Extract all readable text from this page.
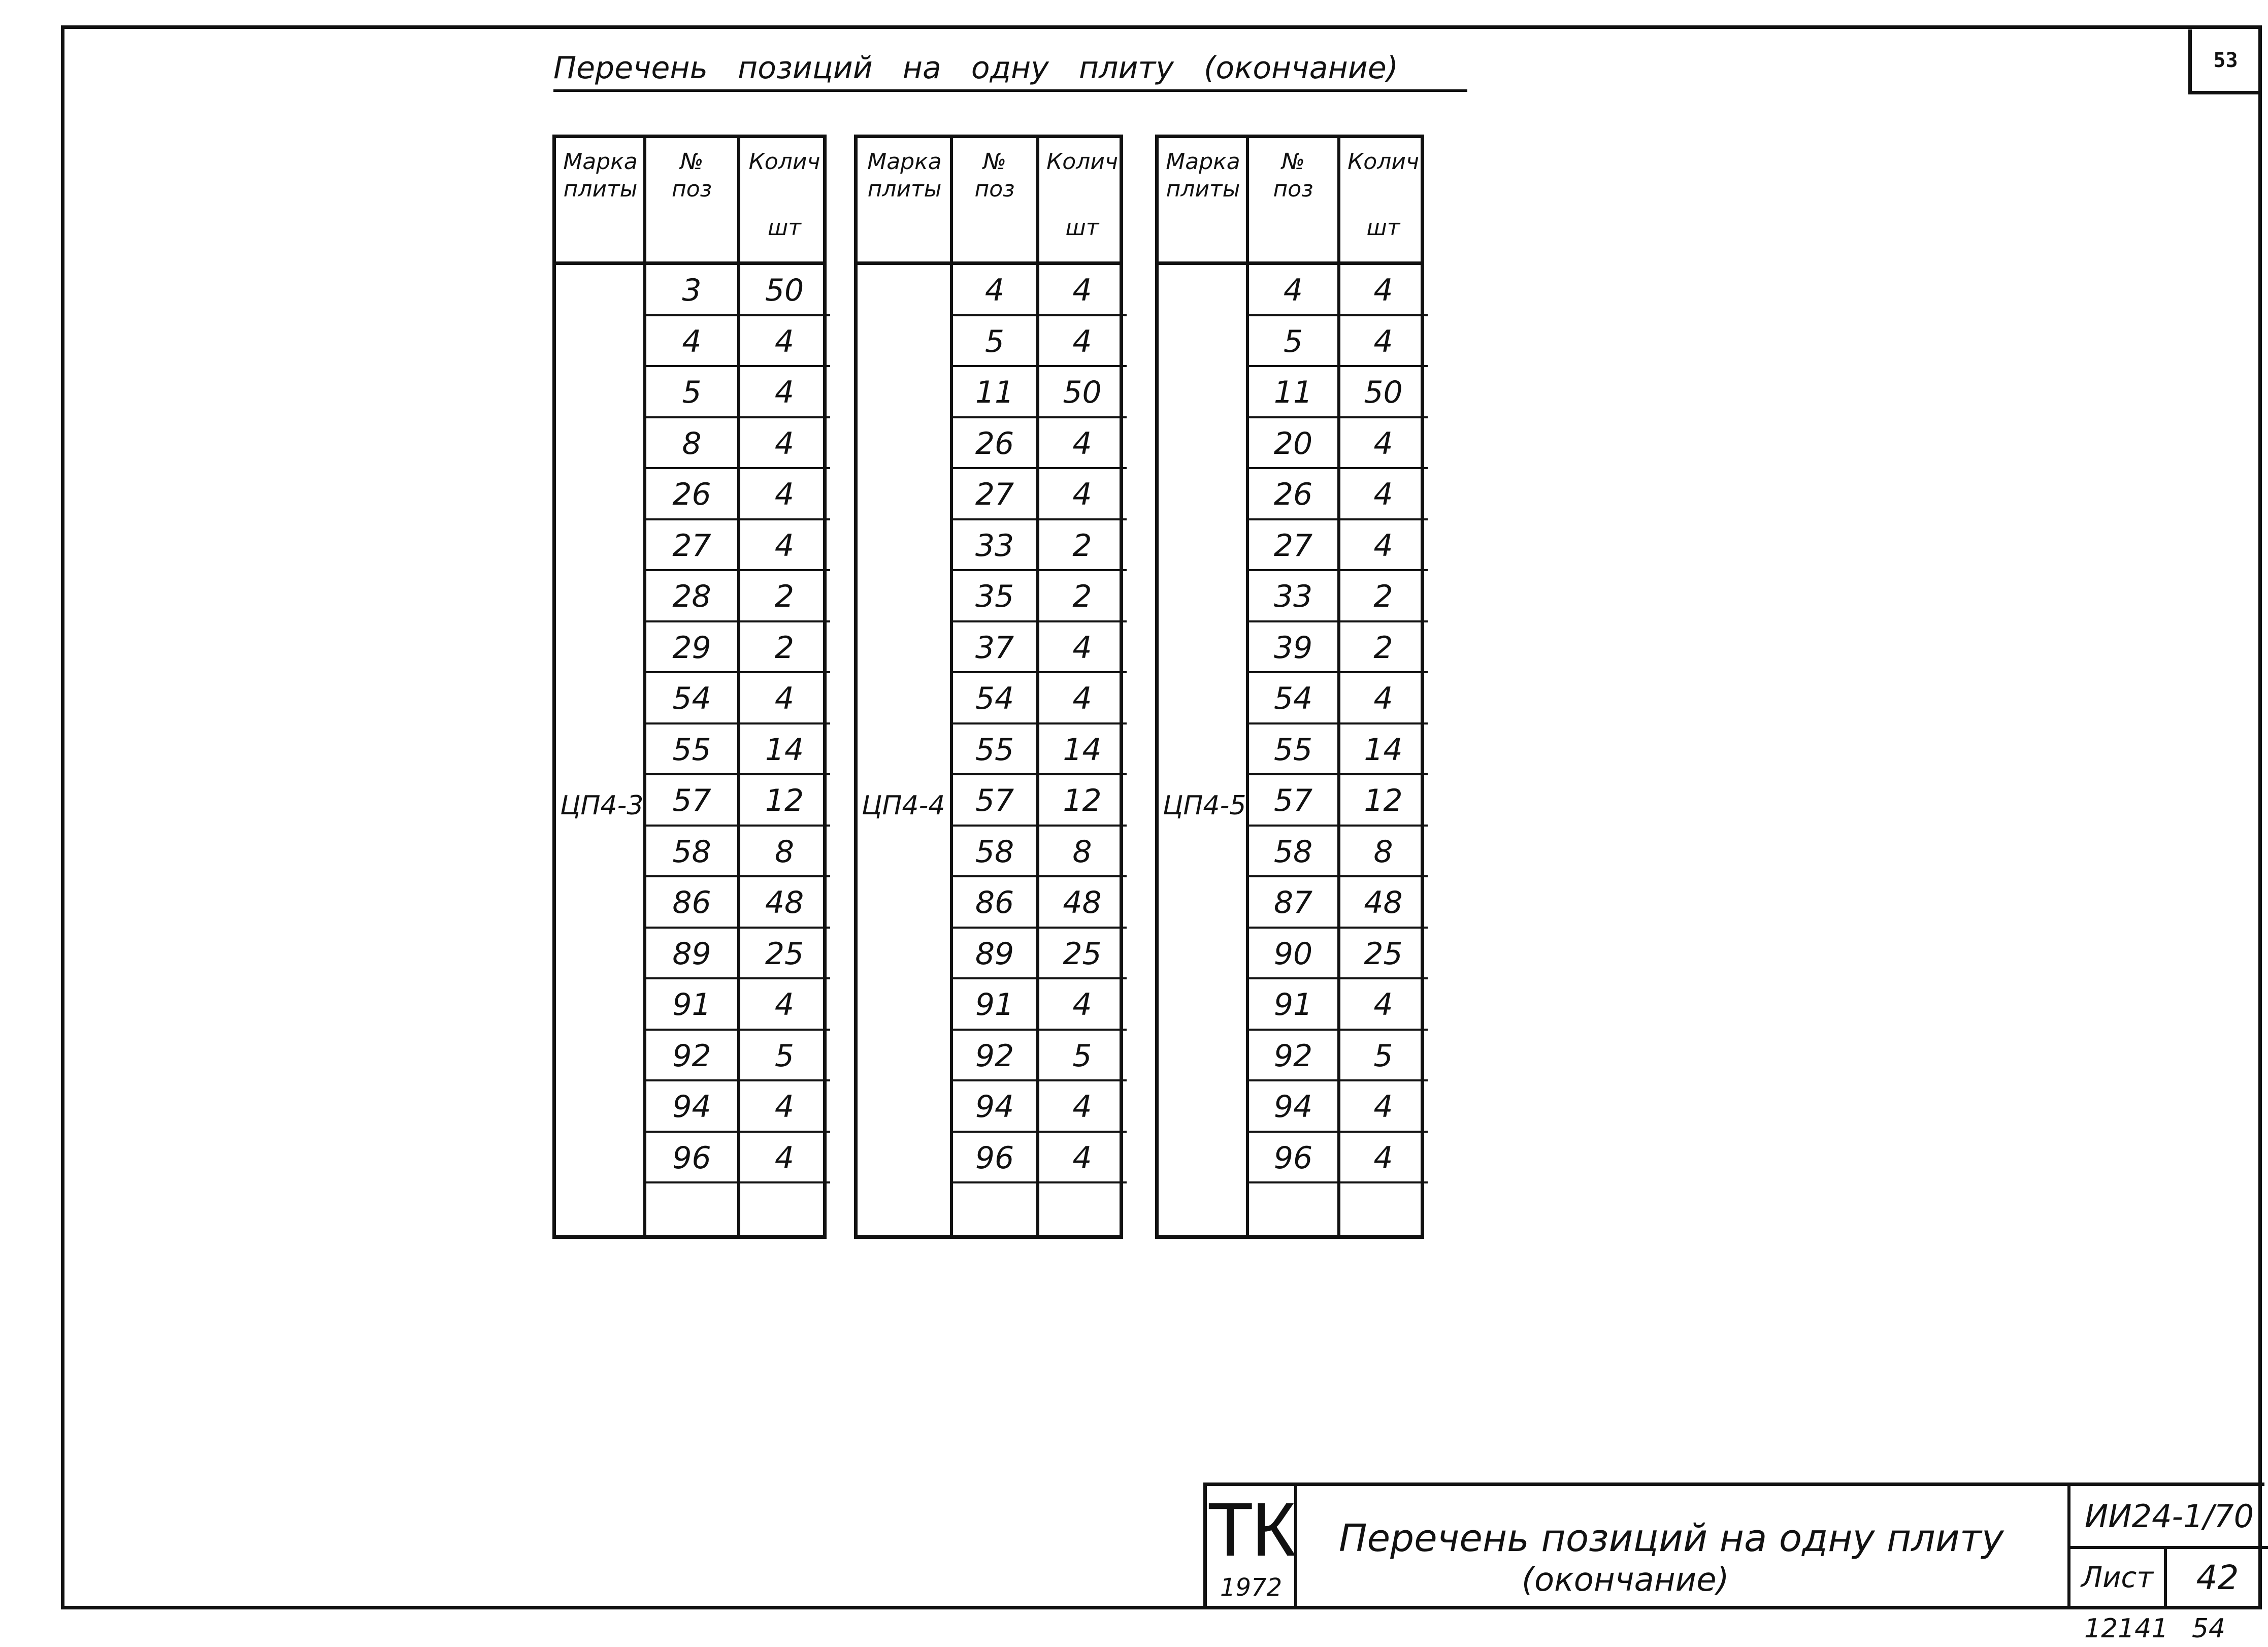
53
Перечень позиций на одну плиту (окончание)
Марка
плиты
№
поз
Колич
шт
ЦП4-3
3	50
4	4
5	4
8	4
26	4
27	4
28	2
29	2
54	4
55	14
57	12
58	8
86	48
89	25
91	4
92	5
94	4
96	4
Марка
плиты
№
поз
Колич
шт
ЦП4-4
4	4
5	4
11	50
26	4
27	4
33	2
35	2
37	4
54	4
55	14
57	12
58	8
86	48
89	25
91	4
92	5
94	4
96	4
Марка
плиты
№
поз
Колич
шт
ЦП4-5
4	4
5	4
11	50
20	4
26	4
27	4
33	2
39	2
54	4
55	14
57	12
58	8
87	48
90	25
91	4
92	5
94	4
96	4
ТК
1972
Перечень позиций на одну плиту
(окончание)
ИИ24-1/70
Лист	42
12141 54
